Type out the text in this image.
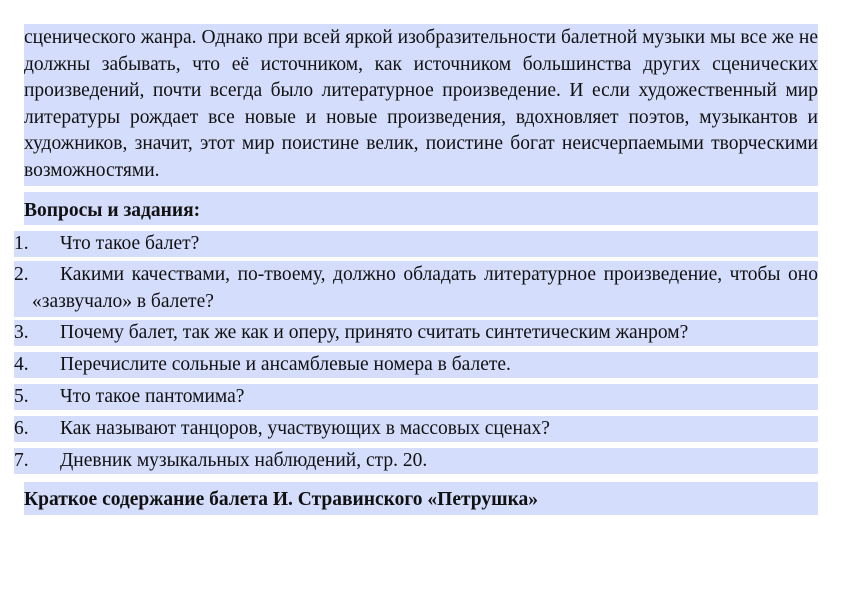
сценического жанра. Однако при всей яркой изобразительности балетной музыки мы все же не должны забывать, что её источником, как источником большинства других сценических произведений, почти всегда было литературное произведение. И если художественный мир литературы рождает все новые и новые произведения, вдохновляет поэтов, музыкантов и художников, значит, этот мир поистине велик, поистине богат неисчерпаемыми творческими возможностями.

Вопросы и задания:
1.	Что такое балет?
2.	Какими качествами, по-твоему, должно обладать литературное произведение, чтобы оно «зазвучало» в балете?
3.	Почему балет, так же как и оперу, принято считать синтетическим жанром?
4.	Перечислите сольные и ансамблевые номера в балете.
5.	Что такое пантомима?
6.	Как называют танцоров, участвующих в массовых сценах?
7.	Дневник музыкальных наблюдений, стр. 20.
Краткое содержание балета И. Стравинского «Петрушка»
